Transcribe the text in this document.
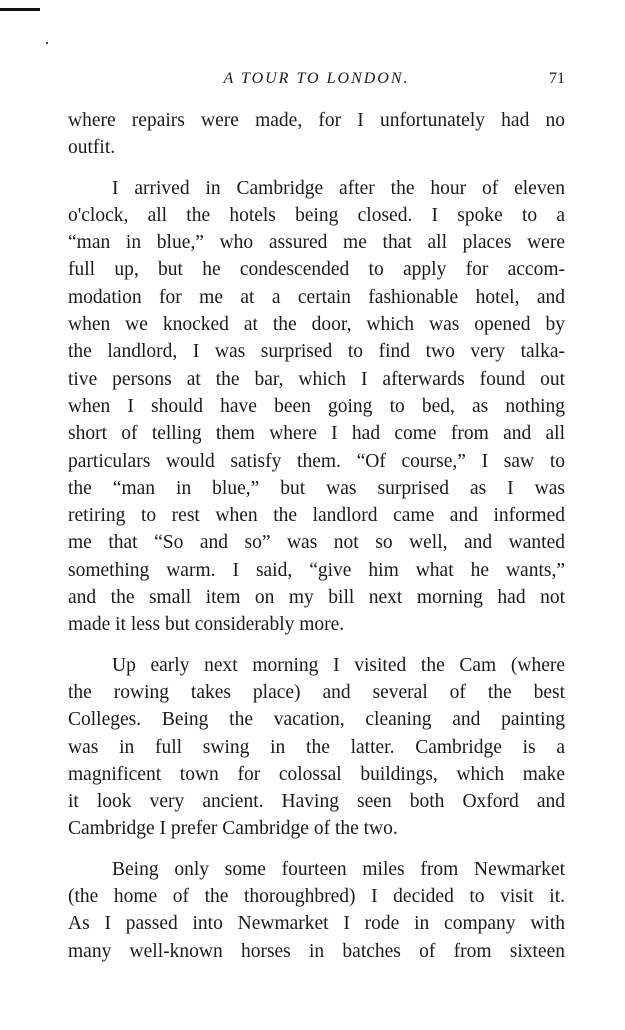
A TOUR TO LONDON.	71
where repairs were made, for I unfortunately had no
outfit.
I arrived in Cambridge after the hour of eleven
o'clock, all the hotels being closed. I spoke to a
“man in blue,” who assured me that all places were
full up, but he condescended to apply for accom-
modation for me at a certain fashionable hotel, and
when we knocked at the door, which was opened by
the landlord, I was surprised to find two very talka-
tive persons at the bar, which I afterwards found out
when I should have been going to bed, as nothing
short of telling them where I had come from and all
particulars would satisfy them. “Of course,” I saw to
the “man in blue,” but was surprised as I was
retiring to rest when the landlord came and informed
me that “So and so” was not so well, and wanted
something warm. I said, “give him what he wants,”
and the small item on my bill next morning had not
made it less but considerably more.
Up early next morning I visited the Cam (where
the rowing takes place) and several of the best
Colleges. Being the vacation, cleaning and painting
was in full swing in the latter. Cambridge is a
magnificent town for colossal buildings, which make
it look very ancient. Having seen both Oxford and
Cambridge I prefer Cambridge of the two.
Being only some fourteen miles from Newmarket
(the home of the thoroughbred) I decided to visit it.
As I passed into Newmarket I rode in company with
many well-known horses in batches of from sixteen
